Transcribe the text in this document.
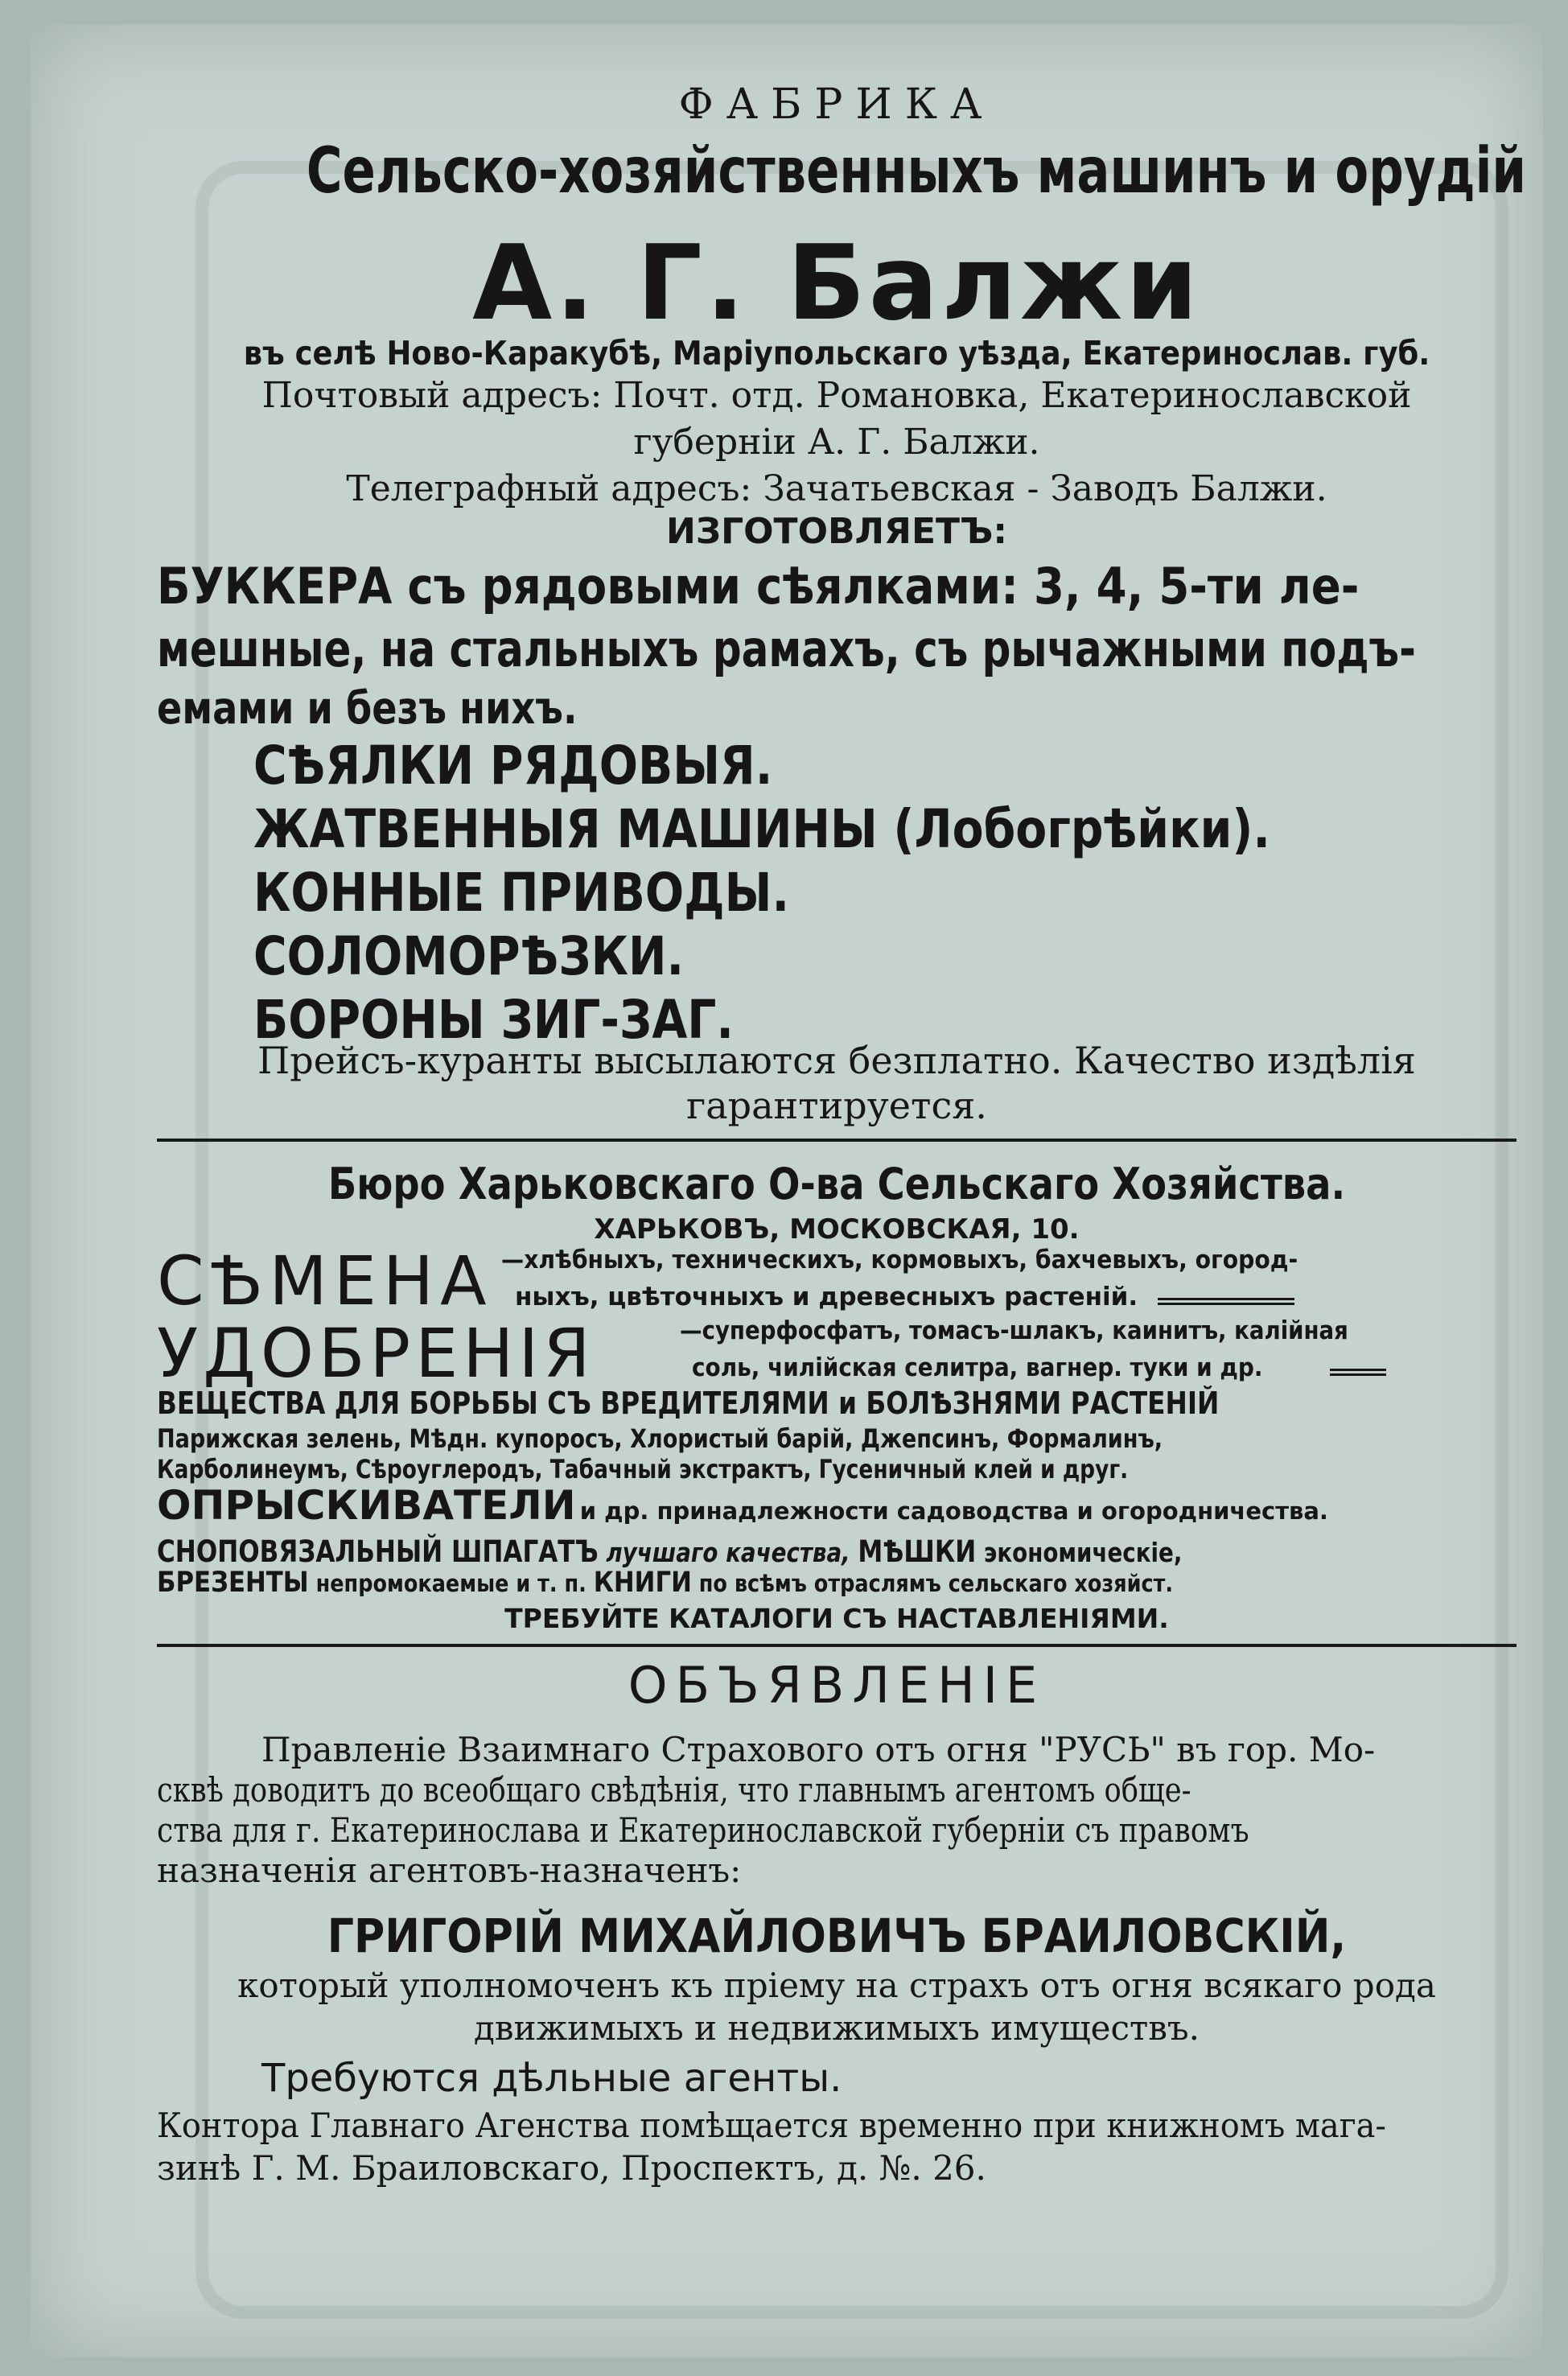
ФАБРИКА
Сельско-хозяйственныхъ машинъ и орудій
А. Г. Балжи
въ селѣ Ново-Каракубѣ, Маріупольскаго уѣзда, Екатеринослав. губ.
Почтовый адресъ: Почт. отд. Романовка, Екатеринославской
губерніи А. Г. Балжи.
Телеграфный адресъ: Зачатьевская - Заводъ Балжи.
ИЗГОТОВЛЯЕТЪ:
БУККЕРА съ рядовыми сѣялками: 3, 4, 5-ти ле-
мешные, на стальныхъ рамахъ, съ рычажными подъ-
емами и безъ нихъ.
СѢЯЛКИ РЯДОВЫЯ.
ЖАТВЕННЫЯ МАШИНЫ (Лобогрѣйки).
КОННЫЕ ПРИВОДЫ.
СОЛОМОРѢЗКИ.
БОРОНЫ ЗИГ-ЗАГ.
Прейсъ-куранты высылаются безплатно. Качество издѣлія
гарантируется.
Бюро Харьковскаго О-ва Сельскаго Хозяйства.
ХАРЬКОВЪ, МОСКОВСКАЯ, 10.
СѢМЕНА —хлѣбныхъ, техническихъ, кормовыхъ, бахчевыхъ, огород-
ныхъ, цвѣточныхъ и древесныхъ растеній.
УДОБРЕНІЯ	—суперфосфатъ, томасъ-шлакъ, каинитъ, калійная
соль, чилійская селитра, вагнер. туки и др.
ВЕЩЕСТВА ДЛЯ БОРЬБЫ СЪ ВРЕДИТЕЛЯМИ и БОЛѢЗНЯМИ РАСТЕНІЙ
Парижская зелень, Мѣдн. купоросъ, Хлористый барій, Джепсинъ, Формалинъ,
Карболинеумъ, Сѣроуглеродъ, Табачный экстрактъ, Гусеничный клей и друг.
ОПРЫСКИВАТЕЛИ и др. принадлежности садоводства и огородничества.
СНОПОВЯЗАЛЬНЫЙ ШПАГАТЪ лучшаго качества, МѢШКИ экономическіе,
БРЕЗЕНТЫ непромокаемые и т. п. КНИГИ по всѣмъ отраслямъ сельскаго хозяйст.
ТРЕБУЙТЕ КАТАЛОГИ СЪ НАСТАВЛЕНІЯМИ.
ОБЪЯВЛЕНІЕ
Правленіе Взаимнаго Страхового отъ огня "РУСЬ" въ гор. Мо-
сквѣ доводитъ до всеобщаго свѣдѣнія, что главнымъ агентомъ обще-
ства для г. Екатеринослава и Екатеринославской губерніи съ правомъ
назначенія агентовъ-назначенъ:
ГРИГОРІЙ МИХАЙЛОВИЧЪ БРАИЛОВСКІЙ,
который уполномоченъ къ пріему на страхъ отъ огня всякаго рода
движимыхъ и недвижимыхъ имуществъ.
Требуются дѣльные агенты.
Контора Главнаго Агенства помѣщается временно при книжномъ мага-
зинѣ Г. М. Браиловскаго, Проспектъ, д. №. 26.
